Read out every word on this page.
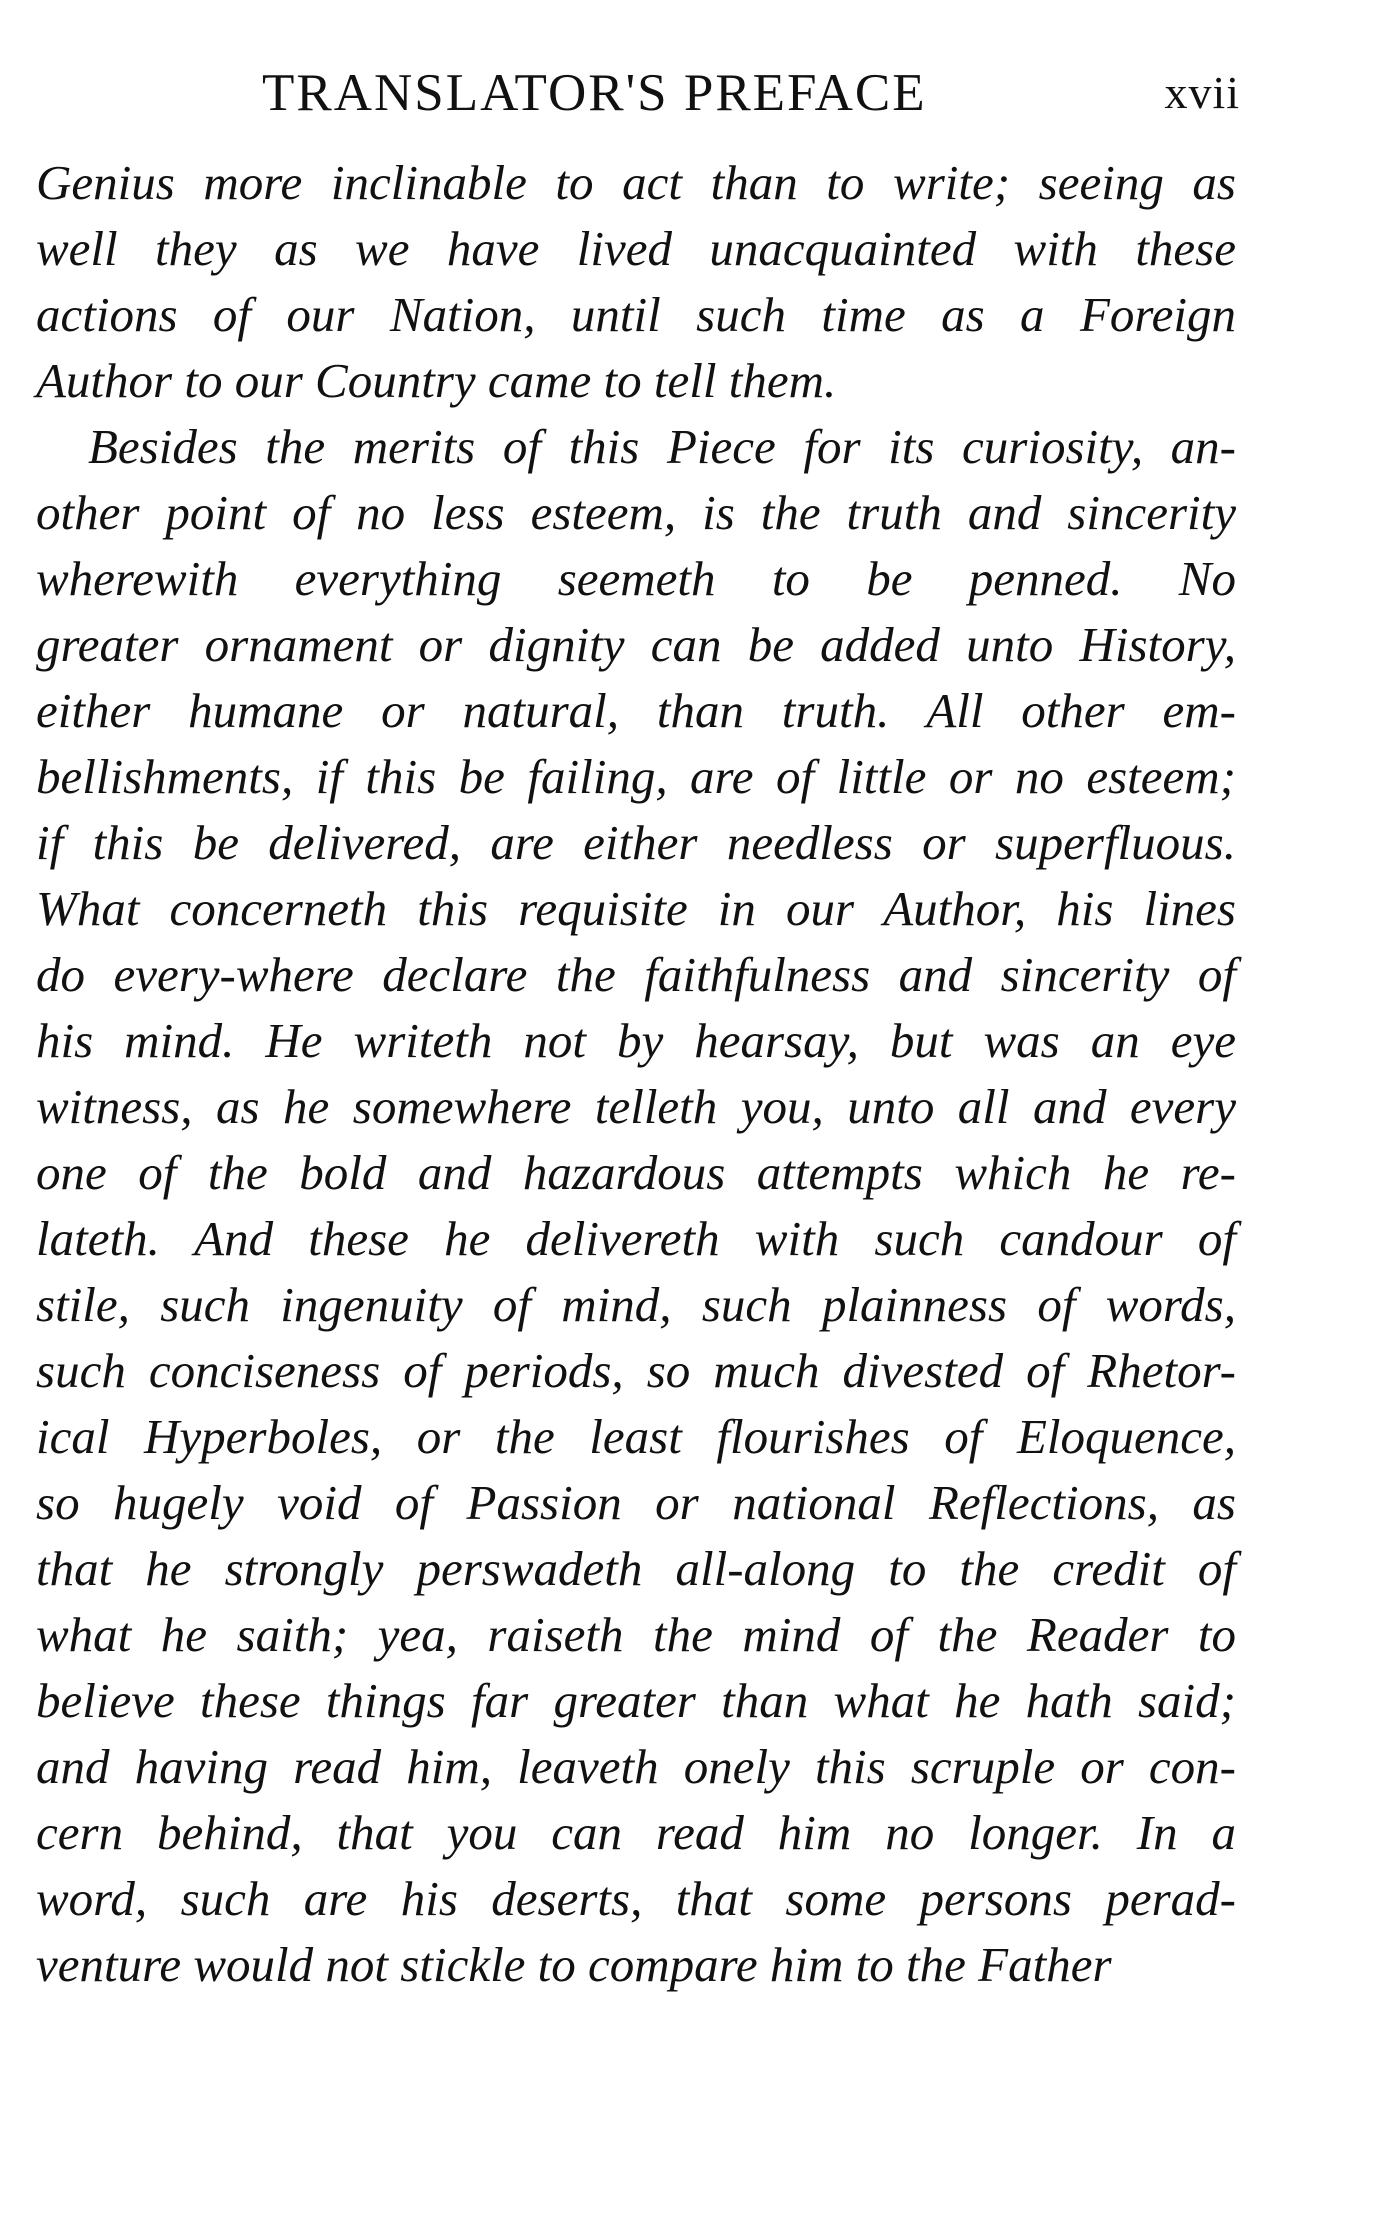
TRANSLATOR'S PREFACE	xvii
Genius more inclinable to act than to write; seeing as
well they as we have lived unacquainted with these
actions of our Nation, until such time as a Foreign
Author to our Country came to tell them.
Besides the merits of this Piece for its curiosity, an-
other point of no less esteem, is the truth and sincerity
wherewith everything seemeth to be penned. No
greater ornament or dignity can be added unto History,
either humane or natural, than truth. All other em-
bellishments, if this be failing, are of little or no esteem;
if this be delivered, are either needless or superfluous.
What concerneth this requisite in our Author, his lines
do every-where declare the faithfulness and sincerity of
his mind. He writeth not by hearsay, but was an eye
witness, as he somewhere telleth you, unto all and every
one of the bold and hazardous attempts which he re-
lateth. And these he delivereth with such candour of
stile, such ingenuity of mind, such plainness of words,
such conciseness of periods, so much divested of Rhetor-
ical Hyperboles, or the least flourishes of Eloquence,
so hugely void of Passion or national Reflections, as
that he strongly perswadeth all-along to the credit of
what he saith; yea, raiseth the mind of the Reader to
believe these things far greater than what he hath said;
and having read him, leaveth onely this scruple or con-
cern behind, that you can read him no longer. In a
word, such are his deserts, that some persons perad-
venture would not stickle to compare him to the Father
